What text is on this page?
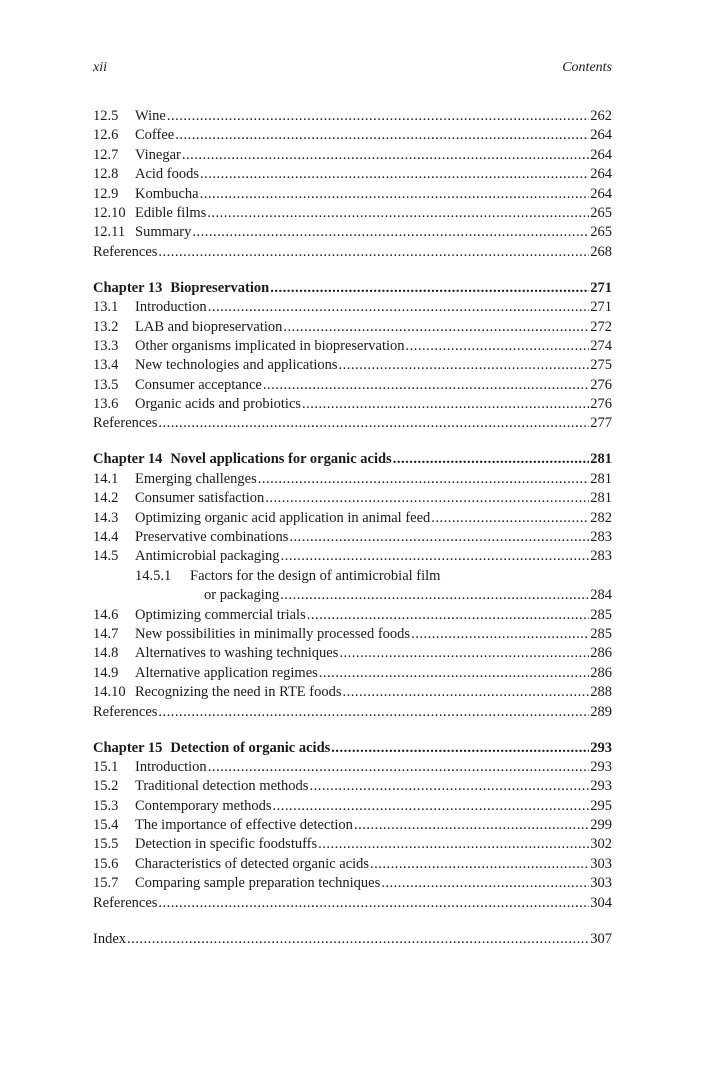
xii	Contents
12.5	Wine .....	262
12.6	Coffee .....	264
12.7	Vinegar .....	264
12.8	Acid foods .....	264
12.9	Kombucha .....	264
12.10 Edible films .....	265
12.11 Summary .....	265
References .....	268
Chapter 13 Biopreservation .....	271
13.1	Introduction .....	271
13.2	LAB and biopreservation .....	272
13.3	Other organisms implicated in biopreservation .....	274
13.4	New technologies and applications .....	275
13.5	Consumer acceptance .....	276
13.6	Organic acids and probiotics .....	276
References .....	277
Chapter 14 Novel applications for organic acids .....	281
14.1	Emerging challenges .....	281
14.2	Consumer satisfaction .....	281
14.3	Optimizing organic acid application in animal feed .....	282
14.4	Preservative combinations .....	283
14.5	Antimicrobial packaging .....	283
14.5.1	Factors for the design of antimicrobial film
or packaging .....	284
14.6	Optimizing commercial trials .....	285
14.7	New possibilities in minimally processed foods .....	285
14.8	Alternatives to washing techniques .....	286
14.9	Alternative application regimes .....	286
14.10 Recognizing the need in RTE foods .....	288
References .....	289
Chapter 15 Detection of organic acids .....	293
15.1	Introduction .....	293
15.2	Traditional detection methods .....	293
15.3	Contemporary methods .....	295
15.4	The importance of effective detection .....	299
15.5	Detection in specific foodstuffs .....	302
15.6	Characteristics of detected organic acids .....	303
15.7	Comparing sample preparation techniques .....	303
References .....	304
Index .....	307
